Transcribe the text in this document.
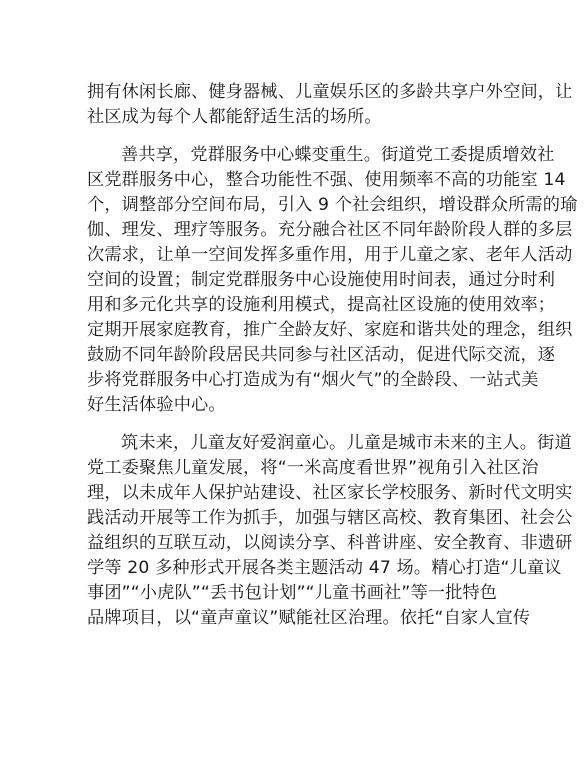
拥有休闲长廊、健身器械、儿童娱乐区的多龄共享户外空间，让
社区成为每个人都能舒适生活的场所。
善共享，党群服务中心蝶变重生。街道党工委提质增效社
区党群服务中心，整合功能性不强、使用频率不高的功能室 14
个，调整部分空间布局，引入 9 个社会组织，增设群众所需的瑜
伽、理发、理疗等服务。充分融合社区不同年龄阶段人群的多层
次需求，让单一空间发挥多重作用，用于儿童之家、老年人活动
空间的设置；制定党群服务中心设施使用时间表，通过分时利
用和多元化共享的设施利用模式，提高社区设施的使用效率；
定期开展家庭教育，推广全龄友好、家庭和谐共处的理念，组织
鼓励不同年龄阶段居民共同参与社区活动，促进代际交流，逐
步将党群服务中心打造成为有“烟火气”的全龄段、一站式美
好生活体验中心。
筑未来，儿童友好爱润童心。儿童是城市未来的主人。街道
党工委聚焦儿童发展，将“一米高度看世界”视角引入社区治
理，以未成年人保护站建设、社区家长学校服务、新时代文明实
践活动开展等工作为抓手，加强与辖区高校、教育集团、社会公
益组织的互联互动，以阅读分享、科普讲座、安全教育、非遗研
学等 20 多种形式开展各类主题活动 47 场。精心打造“儿童议
事团”“小虎队”“丢书包计划”“儿童书画社”等一批特色
品牌项目，以“童声童议”赋能社区治理。依托“自家人宣传
